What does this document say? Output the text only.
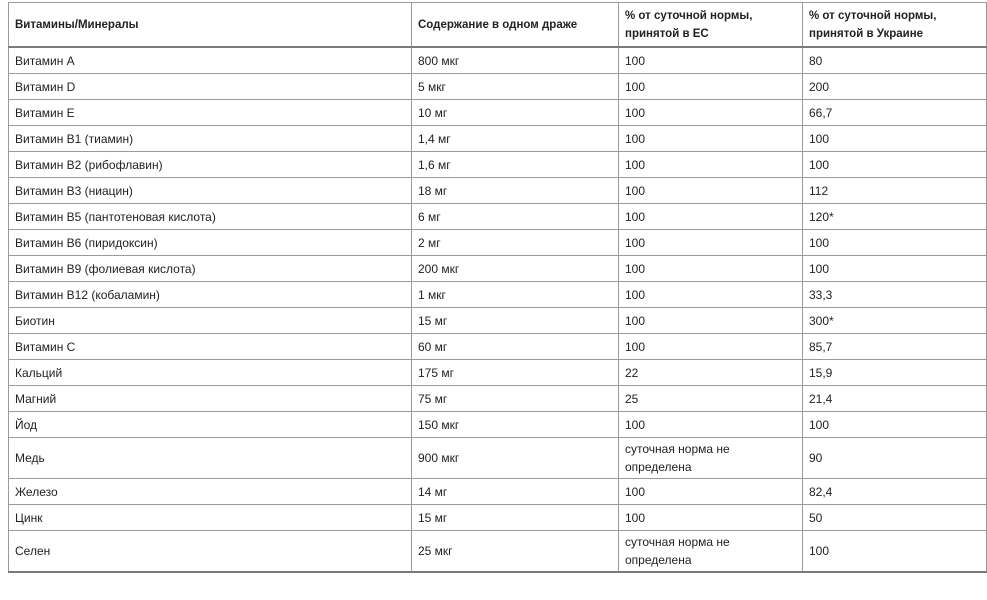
Витамины/Минералы	Содержание в одном драже	% от суточной нормы, принятой в ЕС	% от суточной нормы, принятой в Украине
Витамин А	800 мкг	100	80
Витамин D	5 мкг	100	200
Витамин Е	10 мг	100	66,7
Витамин В1 (тиамин)	1,4 мг	100	100
Витамин В2 (рибофлавин)	1,6 мг	100	100
Витамин В3 (ниацин)	18 мг	100	112
Витамин В5 (пантотеновая кислота)	6 мг	100	120*
Витамин В6 (пиридоксин)	2 мг	100	100
Витамин В9 (фолиевая кислота)	200 мкг	100	100
Витамин В12 (кобаламин)	1 мкг	100	33,3
Биотин	15 мг	100	300*
Витамин С	60 мг	100	85,7
Кальций	175 мг	22	15,9
Магний	75 мг	25	21,4
Йод	150 мкг	100	100
Медь	900 мкг	суточная норма не определена	90
Железо	14 мг	100	82,4
Цинк	15 мг	100	50
Селен	25 мкг	суточная норма не определена	100
